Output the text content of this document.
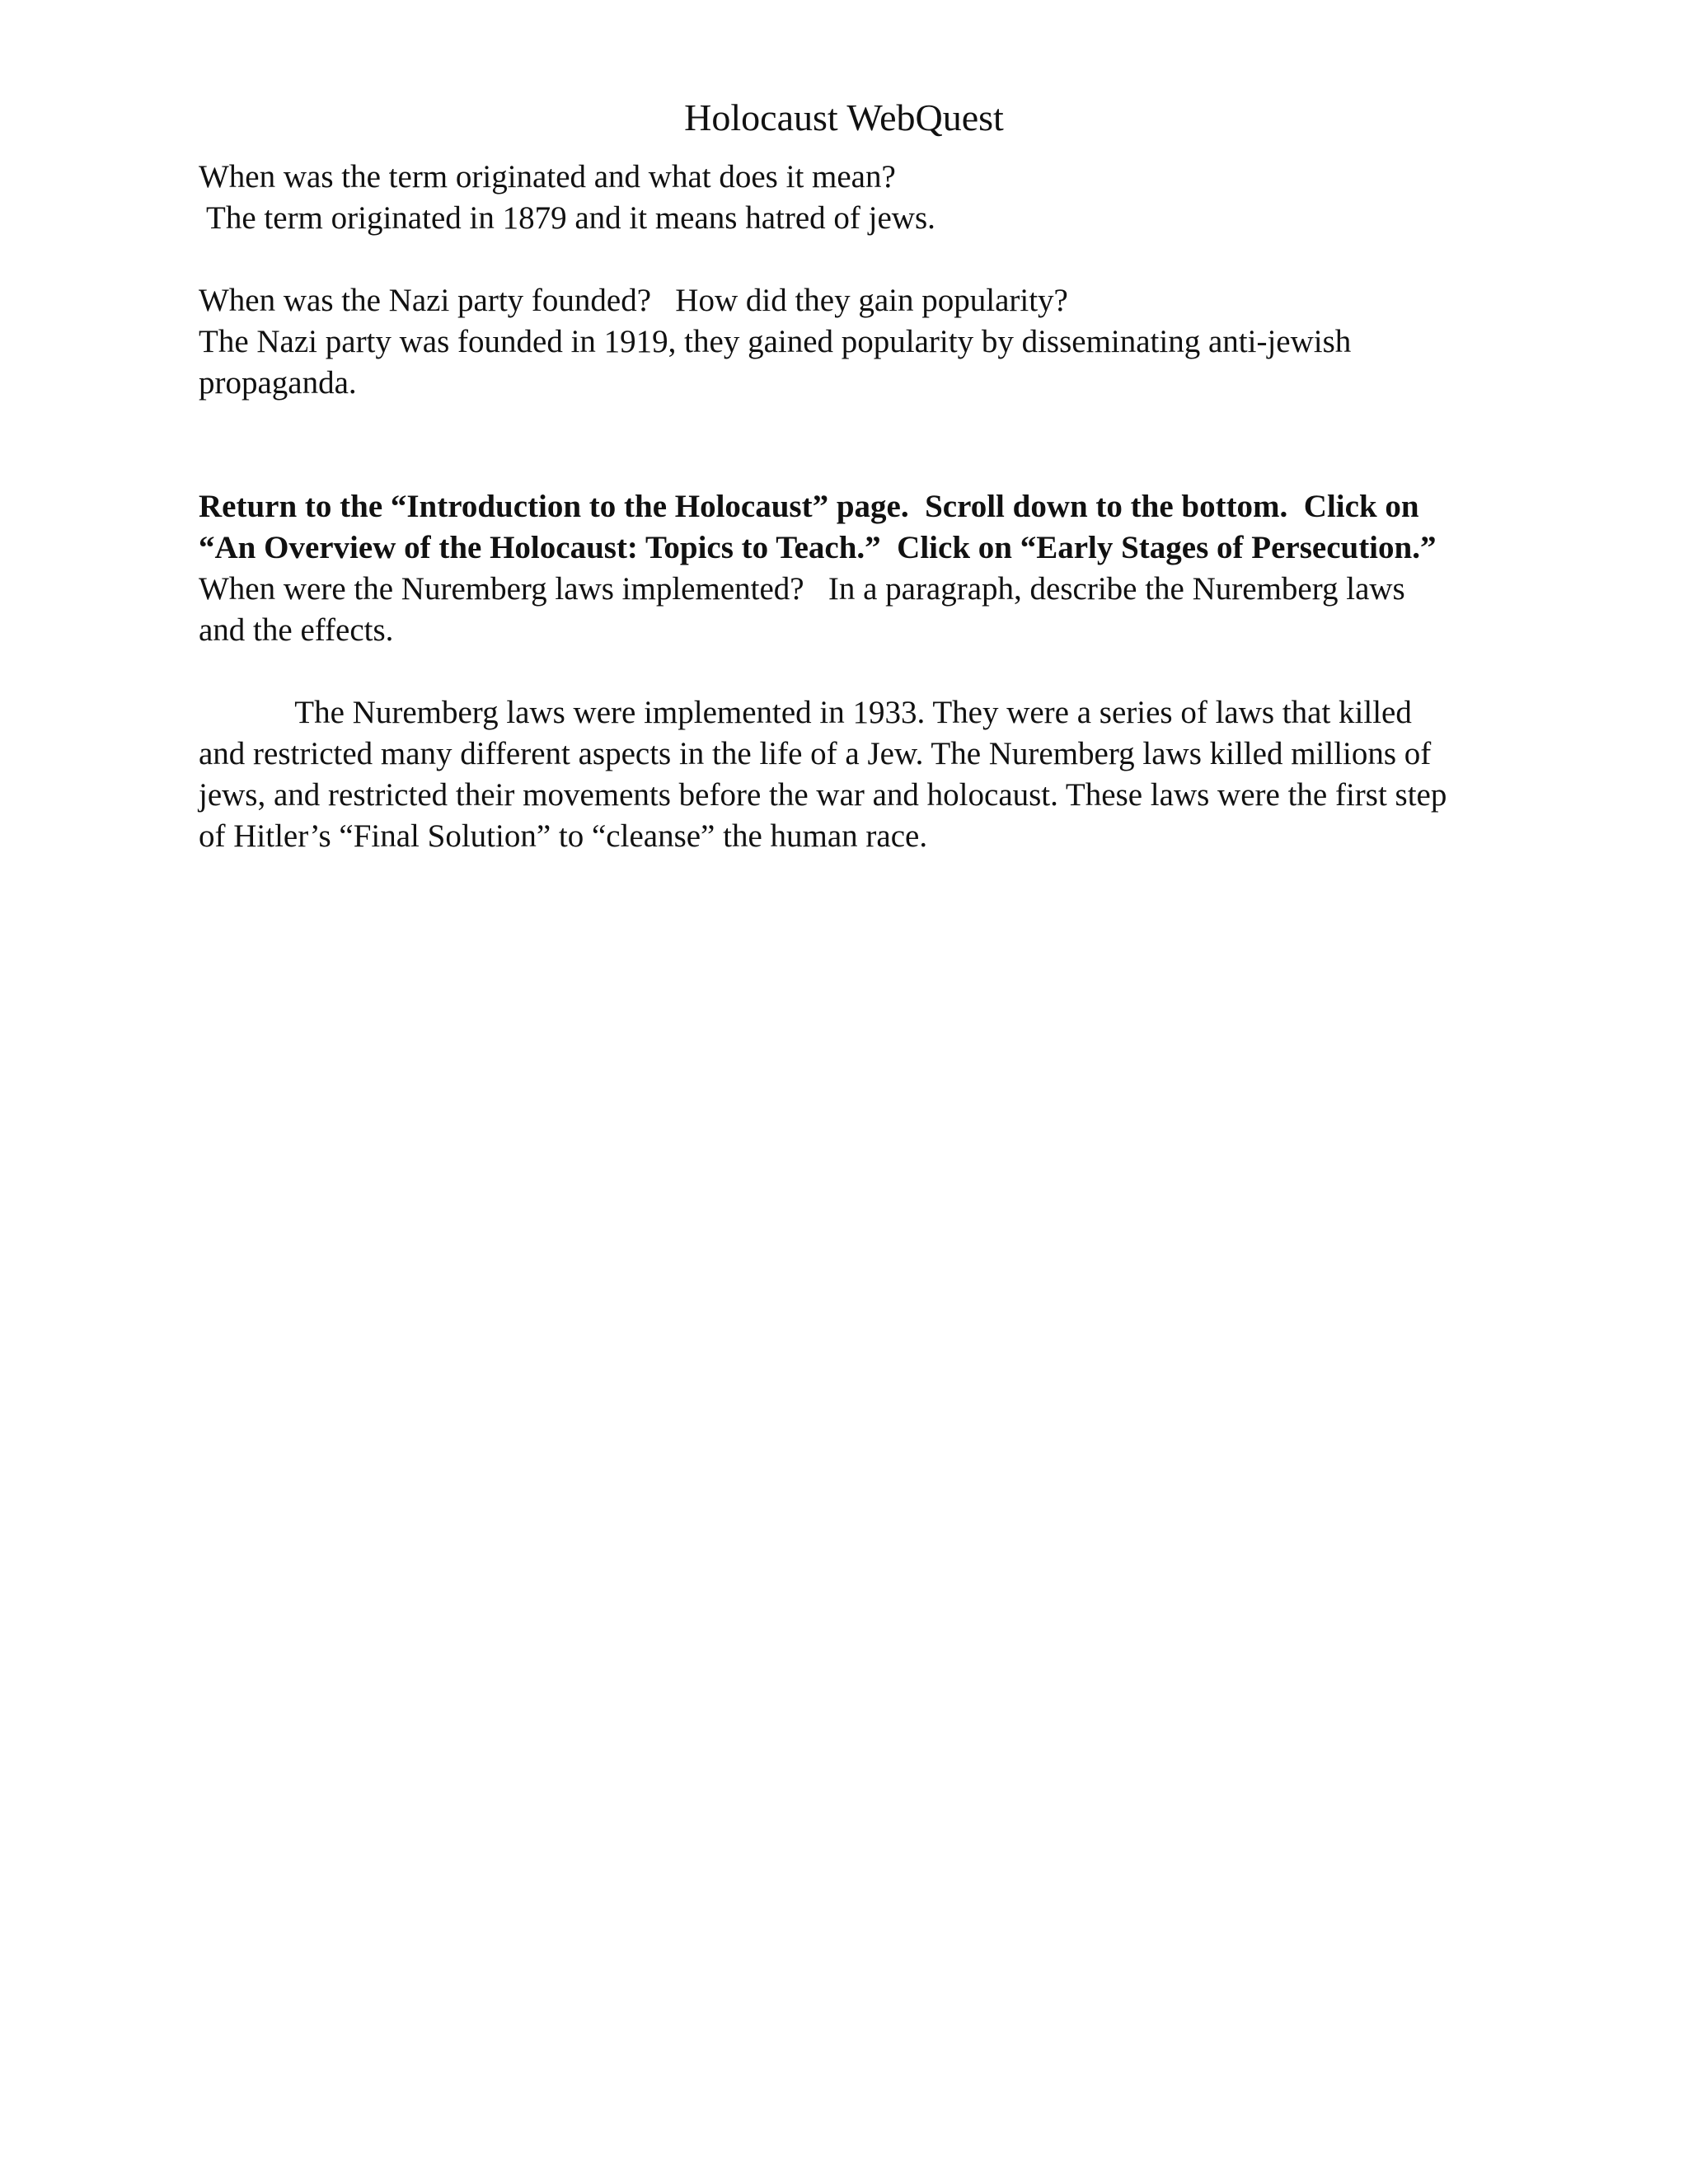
Holocaust WebQuest
When was the term originated and what does it mean?
The term originated in 1879 and it means hatred of jews.
When was the Nazi party founded?   How did they gain popularity?
The Nazi party was founded in 1919, they gained popularity by disseminating anti-jewish
propaganda.
Return to the “Introduction to the Holocaust” page.  Scroll down to the bottom.  Click on
“An Overview of the Holocaust: Topics to Teach.”  Click on “Early Stages of Persecution.”
When were the Nuremberg laws implemented?   In a paragraph, describe the Nuremberg laws
and the effects.
The Nuremberg laws were implemented in 1933. They were a series of laws that killed
and restricted many different aspects in the life of a Jew. The Nuremberg laws killed millions of
jews, and restricted their movements before the war and holocaust. These laws were the first step
of Hitler’s “Final Solution” to “cleanse” the human race.
